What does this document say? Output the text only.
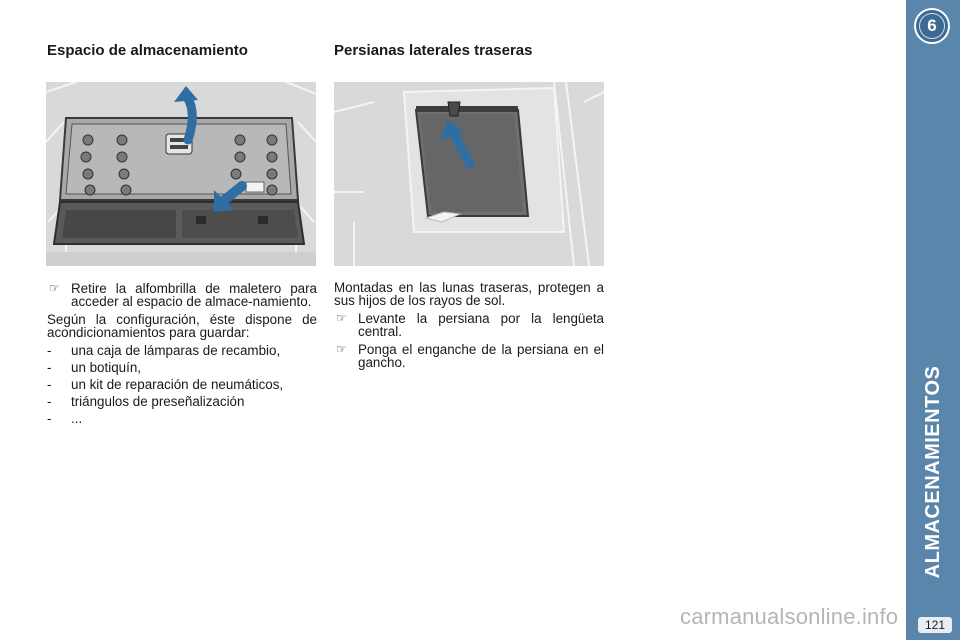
Espacio de almacenamiento	Persianas laterales traseras
☞ Retire la alfombrilla de maletero para acceder al espacio de almace-namiento.

Según la configuración, éste dispone de acondicionamientos para guardar:

- una caja de lámparas de recambio,
- un botiquín,
- un kit de reparación de neumáticos,
- triángulos de preseñalización
- ...

Montadas en las lunas traseras, protegen a sus hijos de los rayos de sol.

☞ Levante la persiana por la lengüeta central.
☞ Ponga el enganche de la persiana en el gancho.
6
ALMACENAMIENTOS
121
carmanualsonline.info
